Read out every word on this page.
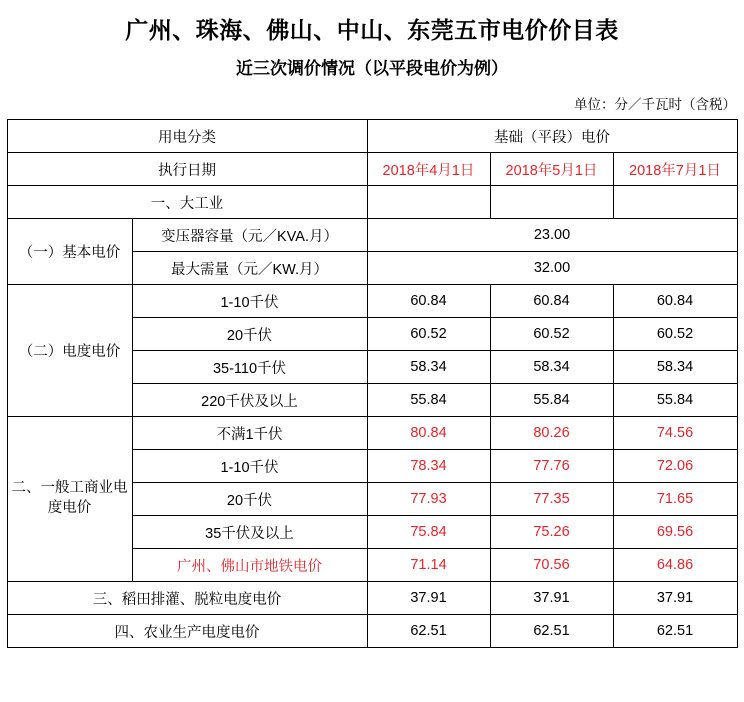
广州、珠海、佛山、中山、东莞五市电价价目表
近三次调价情况（以平段电价为例）
单位：分／千瓦时（含税）
用电分类		基础（平段）电价		
执行日期		2018年4月1日	2018年5月1日	2018年7月1日
一、大工业				
（一）基本电价	变压器容量（元／KVA.月）	23.00		
	最大需量（元／KW.月）	32.00		
（二）电度电价	1-10千伏	60.84	60.84	60.84
	20千伏	60.52	60.52	60.52
	35-110千伏	58.34	58.34	58.34
	220千伏及以上	55.84	55.84	55.84
二、一般工商业电度电价	不满1千伏	80.84	80.26	74.56
	1-10千伏	78.34	77.76	72.06
	20千伏	77.93	77.35	71.65
	35千伏及以上	75.84	75.26	69.56
	广州、佛山市地铁电价	71.14	70.56	64.86
三、稻田排灌、脱粒电度电价		37.91	37.91	37.91
四、农业生产电度电价		62.51	62.51	62.51
